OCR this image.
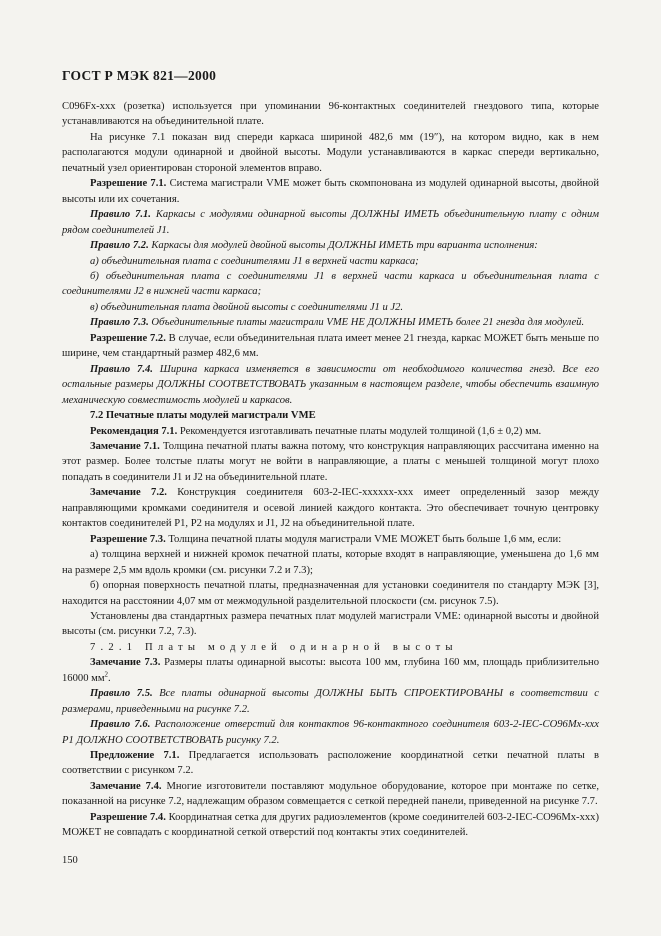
ГОСТ Р МЭК 821—2000

C096Fx-xxx (розетка) используется при упоминании 96-контактных соединителей гнездового типа, которые устанавливаются на объединительной плате.

На рисунке 7.1 показан вид спереди каркаса шириной 482,6 мм (19″), на котором видно, как в нем располагаются модули одинарной и двойной высоты. Модули устанавливаются в каркас спереди вертикально, печатный узел ориентирован стороной элементов вправо.

Разрешение 7.1. Система магистрали VME может быть скомпонована из модулей одинарной высоты, двойной высоты или их сочетания.

Правило 7.1. Каркасы с модулями одинарной высоты ДОЛЖНЫ ИМЕТЬ объединительную плату с одним рядом соединителей J1.

Правило 7.2. Каркасы для модулей двойной высоты ДОЛЖНЫ ИМЕТЬ три варианта исполнения:

а) объединительная плата с соединителями J1 в верхней части каркаса;

б) объединительная плата с соединителями J1 в верхней части каркаса и объединительная плата с соединителями J2 в нижней части каркаса;

в) объединительная плата двойной высоты с соединителями J1 и J2.

Правило 7.3. Объединительные платы магистрали VME НЕ ДОЛЖНЫ ИМЕТЬ более 21 гнезда для модулей.

Разрешение 7.2. В случае, если объединительная плата имеет менее 21 гнезда, каркас МОЖЕТ быть меньше по ширине, чем стандартный размер 482,6 мм.

Правило 7.4. Ширина каркаса изменяется в зависимости от необходимого количества гнезд. Все его остальные размеры ДОЛЖНЫ СООТВЕТСТВОВАТЬ указанным в настоящем разделе, чтобы обеспечить взаимную механическую совместимость модулей и каркасов.

7.2 Печатные платы модулей магистрали VME

Рекомендация 7.1. Рекомендуется изготавливать печатные платы модулей толщиной (1,6 ± 0,2) мм.

Замечание 7.1. Толщина печатной платы важна потому, что конструкция направляющих рассчитана именно на этот размер. Более толстые платы могут не войти в направляющие, а платы с меньшей толщиной могут плохо попадать в соединители J1 и J2 на объединительной плате.

Замечание 7.2. Конструкция соединителя 603-2-IEC-xxxxxx-xxx имеет определенный зазор между направляющими кромками соединителя и осевой линией каждого контакта. Это обеспечивает точную центровку контактов соединителей P1, P2 на модулях и J1, J2 на объединительной плате.

Разрешение 7.3. Толщина печатной платы модуля магистрали VME МОЖЕТ быть больше 1,6 мм, если:

а) толщина верхней и нижней кромок печатной платы, которые входят в направляющие, уменьшена до 1,6 мм на размере 2,5 мм вдоль кромки (см. рисунки 7.2 и 7.3);

б) опорная поверхность печатной платы, предназначенная для установки соединителя по стандарту МЭК [3], находится на расстоянии 4,07 мм от межмодульной разделительной плоскости (см. рисунок 7.5).

Установлены два стандартных размера печатных плат модулей магистрали VME: одинарной высоты и двойной высоты (см. рисунки 7.2, 7.3).

7.2.1 Платы модулей одинарной высоты

Замечание 7.3. Размеры платы одинарной высоты: высота 100 мм, глубина 160 мм, площадь приблизительно 16000 $мм^2$.

Правило 7.5. Все платы одинарной высоты ДОЛЖНЫ БЫТЬ СПРОЕКТИРОВАНЫ в соответствии с размерами, приведенными на рисунке 7.2.

Правило 7.6. Расположение отверстий для контактов 96-контактного соединителя 603-2-IEC-CO96Mx-xxx P1 ДОЛЖНО СООТВЕТСТВОВАТЬ рисунку 7.2.

Предложение 7.1. Предлагается использовать расположение координатной сетки печатной платы в соответствии с рисунком 7.2.

Замечание 7.4. Многие изготовители поставляют модульное оборудование, которое при монтаже по сетке, показанной на рисунке 7.2, надлежащим образом совмещается с сеткой передней панели, приведенной на рисунке 7.7.

Разрешение 7.4. Координатная сетка для других радиоэлементов (кроме соединителей 603-2-IEC-CO96Mx-xxx) МОЖЕТ не совпадать с координатной сеткой отверстий под контакты этих соединителей.

150
